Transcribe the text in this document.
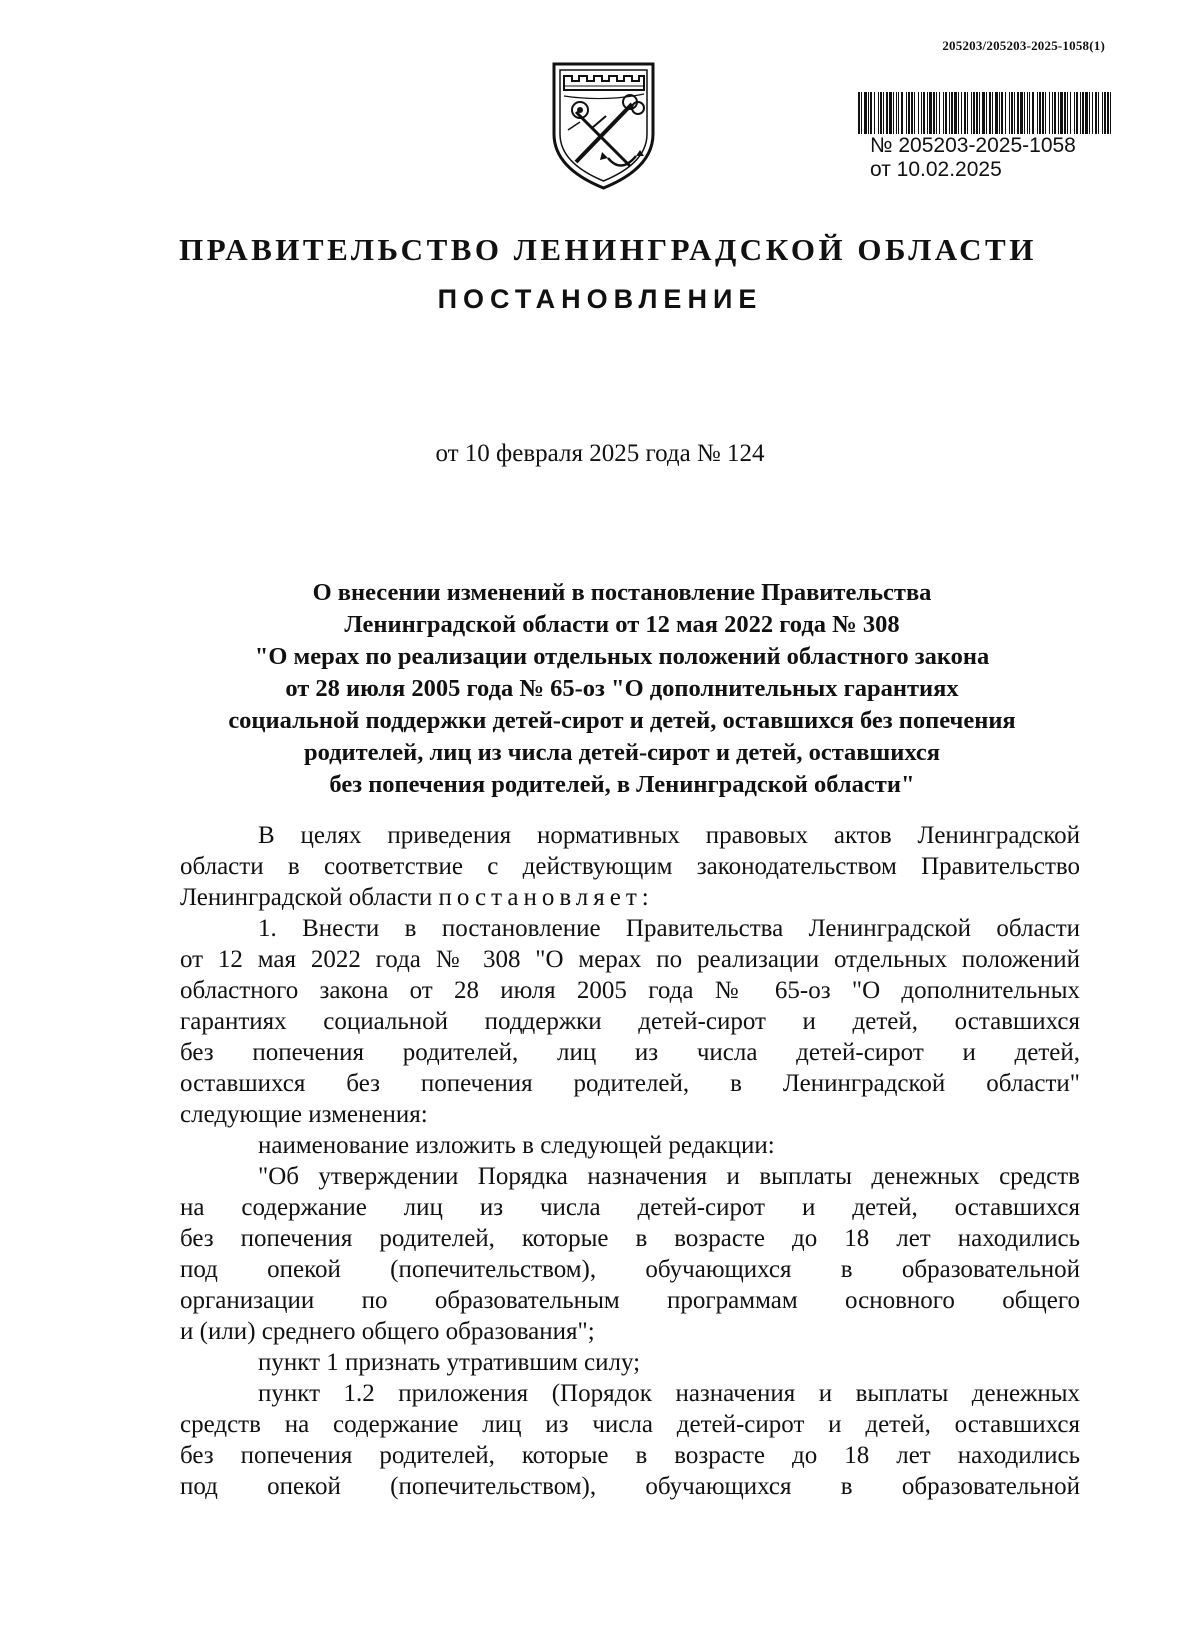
205203/205203-2025-1058(1)
№ 205203-2025-1058
от 10.02.2025
ПРАВИТЕЛЬСТВО ЛЕНИНГРАДСКОЙ ОБЛАСТИ
ПОСТАНОВЛЕНИЕ
от 10 февраля 2025 года № 124
О внесении изменений в постановление Правительства
Ленинградской области от 12 мая 2022 года № 308
"О мерах по реализации отдельных положений областного закона
от 28 июля 2005 года № 65-оз "О дополнительных гарантиях
социальной поддержки детей-сирот и детей, оставшихся без попечения
родителей, лиц из числа детей-сирот и детей, оставшихся
без попечения родителей, в Ленинградской области"
В целях приведения нормативных правовых актов Ленинградской
области в соответствие с действующим законодательством Правительство
Ленинградской области постановляет:
1. Внести в постановление Правительства Ленинградской области
от 12 мая 2022 года № 308 "О мерах по реализации отдельных положений
областного закона от 28 июля 2005 года № 65-оз "О дополнительных
гарантиях социальной поддержки детей-сирот и детей, оставшихся
без попечения родителей, лиц из числа детей-сирот и детей,
оставшихся без попечения родителей, в Ленинградской области"
следующие изменения:
наименование изложить в следующей редакции:
"Об утверждении Порядка назначения и выплаты денежных средств
на содержание лиц из числа детей-сирот и детей, оставшихся
без попечения родителей, которые в возрасте до 18 лет находились
под опекой (попечительством), обучающихся в образовательной
организации по образовательным программам основного общего
и (или) среднего общего образования";
пункт 1 признать утратившим силу;
пункт 1.2 приложения (Порядок назначения и выплаты денежных
средств на содержание лиц из числа детей-сирот и детей, оставшихся
без попечения родителей, которые в возрасте до 18 лет находились
под опекой (попечительством), обучающихся в образовательной
